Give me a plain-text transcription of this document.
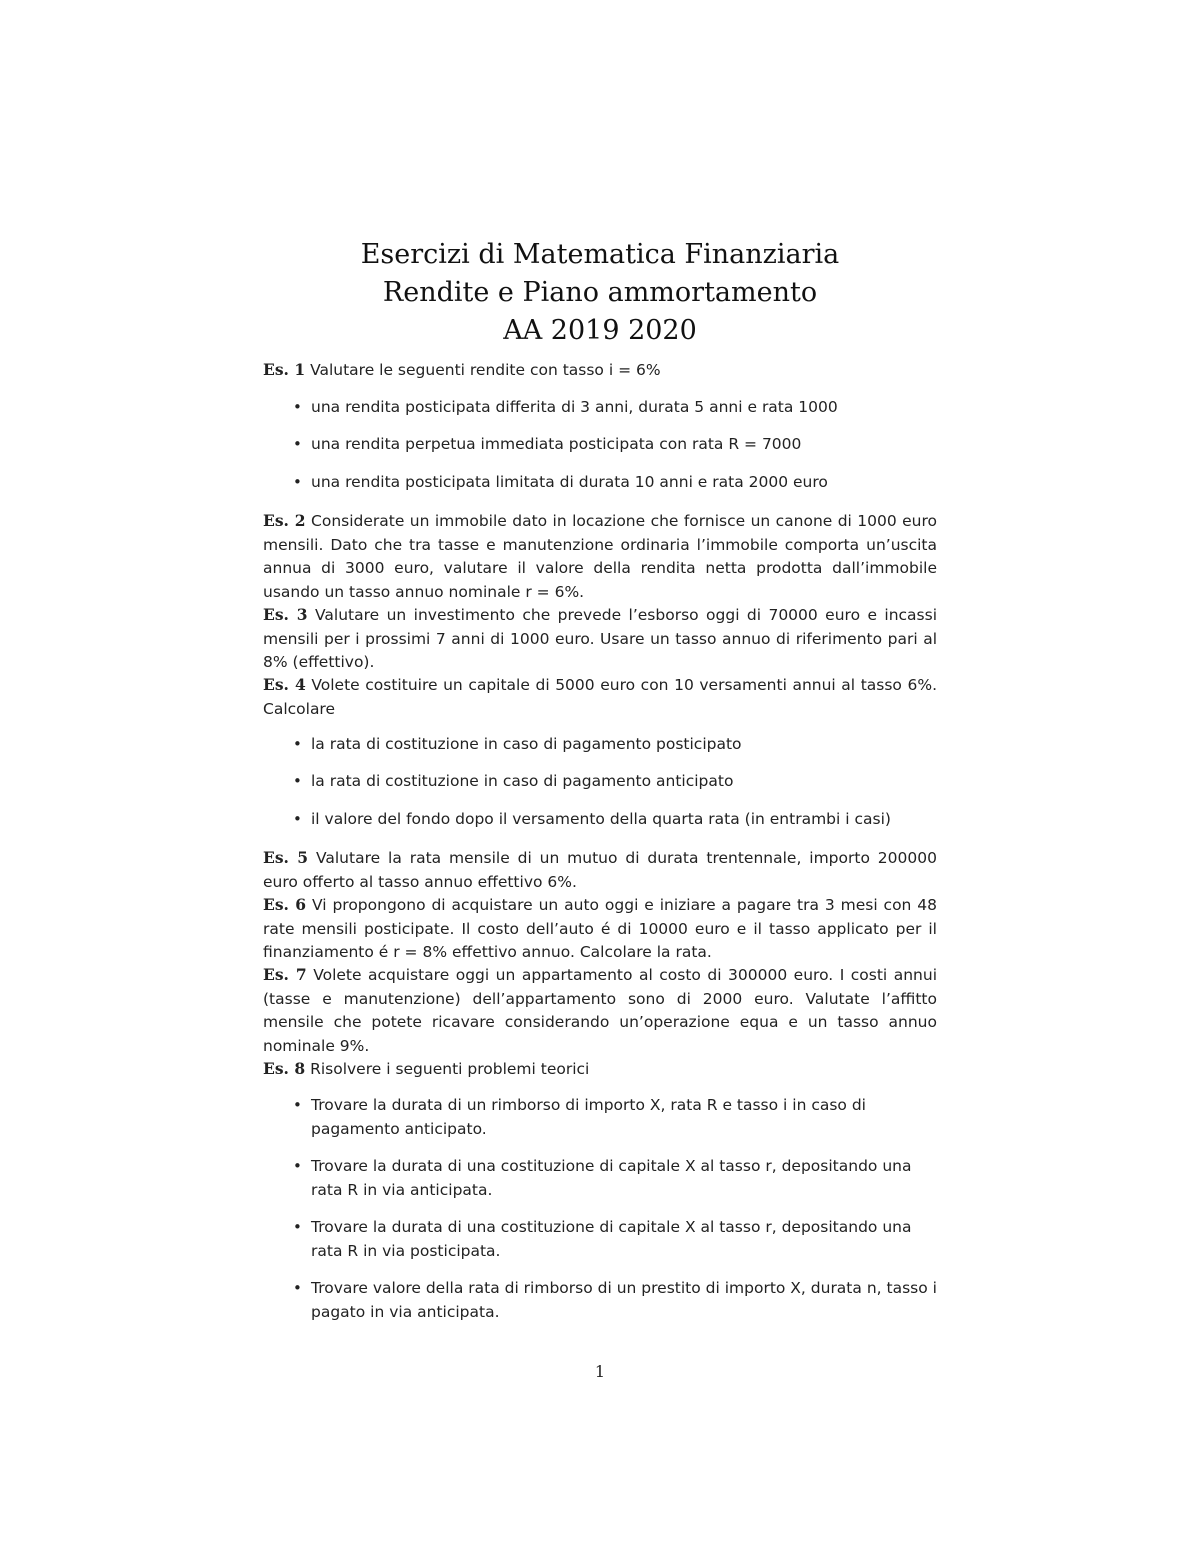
Esercizi di Matematica Finanziaria
Rendite e Piano ammortamento
AA 2019 2020
Es. 1 Valutare le seguenti rendite con tasso i = 6%
• una rendita posticipata differita di 3 anni, durata 5 anni e rata 1000
• una rendita perpetua immediata posticipata con rata R = 7000
• una rendita posticipata limitata di durata 10 anni e rata 2000 euro
Es. 2 Considerate un immobile dato in locazione che fornisce un canone di 1000 euro mensili. Dato che tra tasse e manutenzione ordinaria l’immobile comporta un’uscita annua di 3000 euro, valutare il valore della rendita netta prodotta dall’immobile usando un tasso annuo nominale r = 6%.
Es. 3 Valutare un investimento che prevede l’esborso oggi di 70000 euro e incassi mensili per i prossimi 7 anni di 1000 euro. Usare un tasso annuo di riferimento pari al 8% (effettivo).
Es. 4 Volete costituire un capitale di 5000 euro con 10 versamenti annui al tasso 6%. Calcolare
• la rata di costituzione in caso di pagamento posticipato
• la rata di costituzione in caso di pagamento anticipato
• il valore del fondo dopo il versamento della quarta rata (in entrambi i casi)
Es. 5 Valutare la rata mensile di un mutuo di durata trentennale, importo 200000 euro offerto al tasso annuo effettivo 6%.
Es. 6 Vi propongono di acquistare un auto oggi e iniziare a pagare tra 3 mesi con 48 rate mensili posticipate. Il costo dell’auto é di 10000 euro e il tasso applicato per il finanziamento é r = 8% effettivo annuo. Calcolare la rata.
Es. 7 Volete acquistare oggi un appartamento al costo di 300000 euro. I costi annui (tasse e manutenzione) dell’appartamento sono di 2000 euro. Valutate l’affitto mensile che potete ricavare considerando un’operazione equa e un tasso annuo nominale 9%.
Es. 8 Risolvere i seguenti problemi teorici
• Trovare la durata di un rimborso di importo X, rata R e tasso i in caso di pagamento anticipato.
• Trovare la durata di una costituzione di capitale X al tasso r, depositando una rata R in via anticipata.
• Trovare la durata di una costituzione di capitale X al tasso r, depositando una rata R in via posticipata.
• Trovare valore della rata di rimborso di un prestito di importo X, durata n, tasso i pagato in via anticipata.
1
